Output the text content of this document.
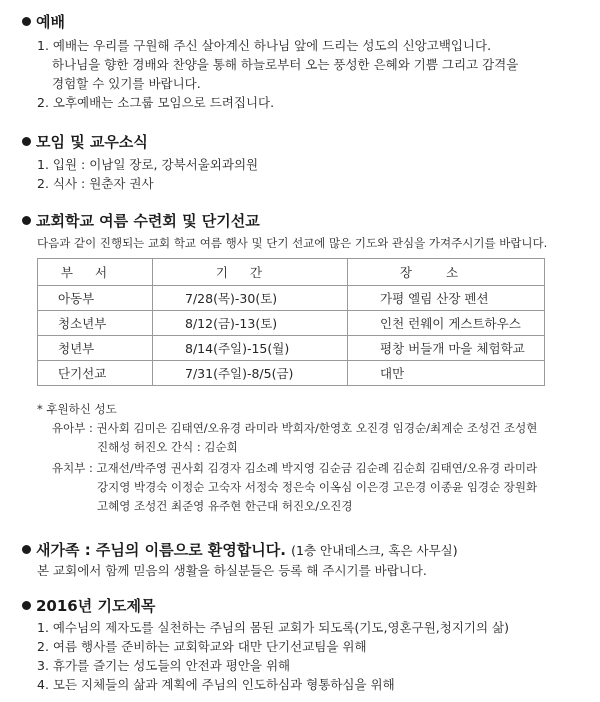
예배
1. 예배는 우리를 구원해 주신 살아계신 하나님 앞에 드리는 성도의 신앙고백입니다.
하나님을 향한 경배와 찬양을 통해 하늘로부터 오는 풍성한 은혜와 기쁨 그리고 감격을
경험할 수 있기를 바랍니다.
2. 오후예배는 소그룹 모임으로 드려집니다.
모임 및 교우소식
1. 입원 : 이남일 장로, 강북서울외과의원
2. 식사 : 원춘자 권사
교회학교 여름 수련회 및 단기선교
다음과 같이 진행되는 교회 학교 여름 행사 및 단기 선교에 많은 기도와 관심을 가져주시기를 바랍니다.
부서	기간	장소
아동부	7/28(목)-30(토)	가평 엘림 산장 펜션
청소년부	8/12(금)-13(토)	인천 런웨이 게스트하우스
청년부	8/14(주일)-15(월)	평창 버들개 마을 체험학교
단기선교	7/31(주일)-8/5(금)	대만
* 후원하신 성도
유아부 : 권사회 김미은 김태연/오유경 라미라 박희자/한영호 오진경 임경순/최계순 조성건 조성현
진해성 허진오 간식 : 김순희
유치부 : 고재선/박주영 권사회 김경자 김소례 박지영 김순금 김순례 김순희 김태연/오유경 라미라
강지영 박경숙 이정순 고숙자 서정숙 정은숙 이옥심 이은경 고은경 이종윤 임경순 장원화
고혜영 조성건 최준영 유주현 한근대 허진오/오진경
새가족 : 주님의 이름으로 환영합니다. (1층 안내데스크, 혹은 사무실)
본 교회에서 함께 믿음의 생활을 하실분들은 등록 해 주시기를 바랍니다.
2016년 기도제목
1. 예수님의 제자도를 실천하는 주님의 몸된 교회가 되도록(기도,영혼구원,청지기의 삶)
2. 여름 행사를 준비하는 교회학교와 대만 단기선교팀을 위해
3. 휴가를 즐기는 성도들의 안전과 평안을 위해
4. 모든 지체들의 삶과 계획에 주님의 인도하심과 형통하심을 위해
